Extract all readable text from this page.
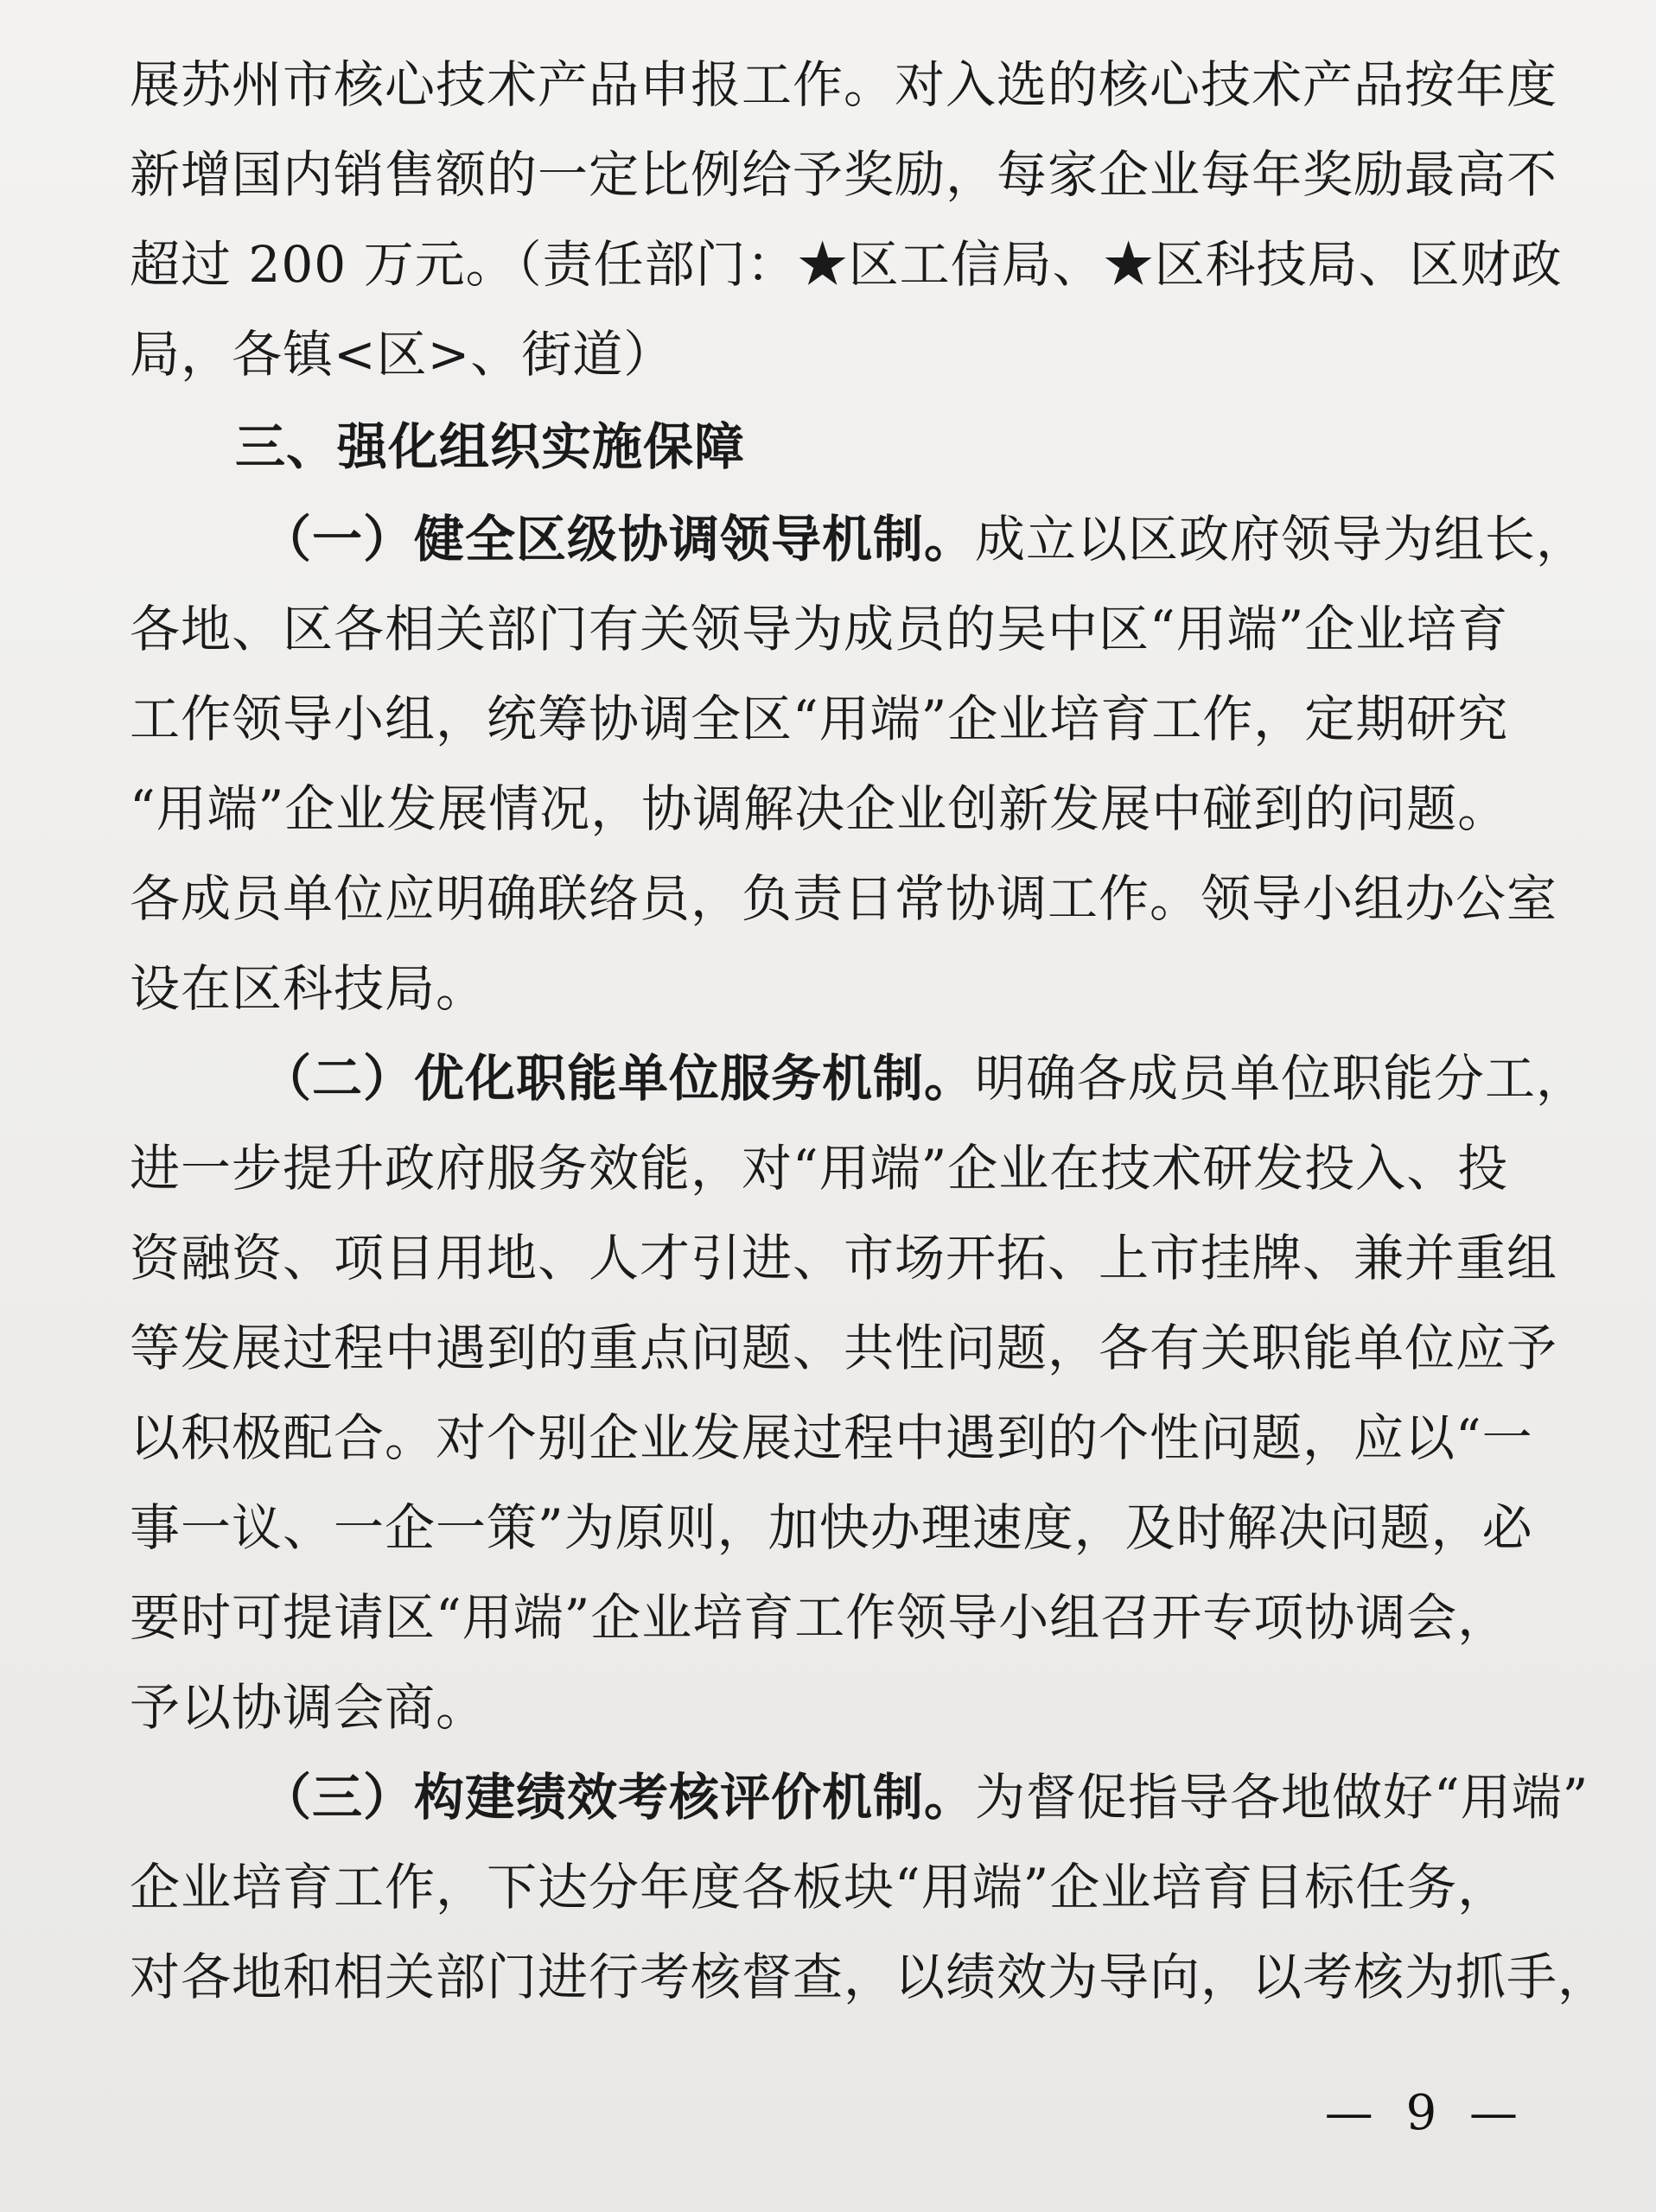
展苏州市核心技术产品申报工作。对入选的核心技术产品按年度
新增国内销售额的一定比例给予奖励，每家企业每年奖励最高不
超过 200 万元。（责任部门：★区工信局、★区科技局、区财政
局，各镇<区>、街道）
三、强化组织实施保障
（一）健全区级协调领导机制。成立以区政府领导为组长，
各地、区各相关部门有关领导为成员的吴中区“用端”企业培育
工作领导小组，统筹协调全区“用端”企业培育工作，定期研究
“用端”企业发展情况，协调解决企业创新发展中碰到的问题。
各成员单位应明确联络员，负责日常协调工作。领导小组办公室
设在区科技局。
（二）优化职能单位服务机制。明确各成员单位职能分工，
进一步提升政府服务效能，对“用端”企业在技术研发投入、投
资融资、项目用地、人才引进、市场开拓、上市挂牌、兼并重组
等发展过程中遇到的重点问题、共性问题，各有关职能单位应予
以积极配合。对个别企业发展过程中遇到的个性问题，应以“一
事一议、一企一策”为原则，加快办理速度，及时解决问题，必
要时可提请区“用端”企业培育工作领导小组召开专项协调会，
予以协调会商。
（三）构建绩效考核评价机制。为督促指导各地做好“用端”
企业培育工作，下达分年度各板块“用端”企业培育目标任务，
对各地和相关部门进行考核督查，以绩效为导向，以考核为抓手，
— 9 —
